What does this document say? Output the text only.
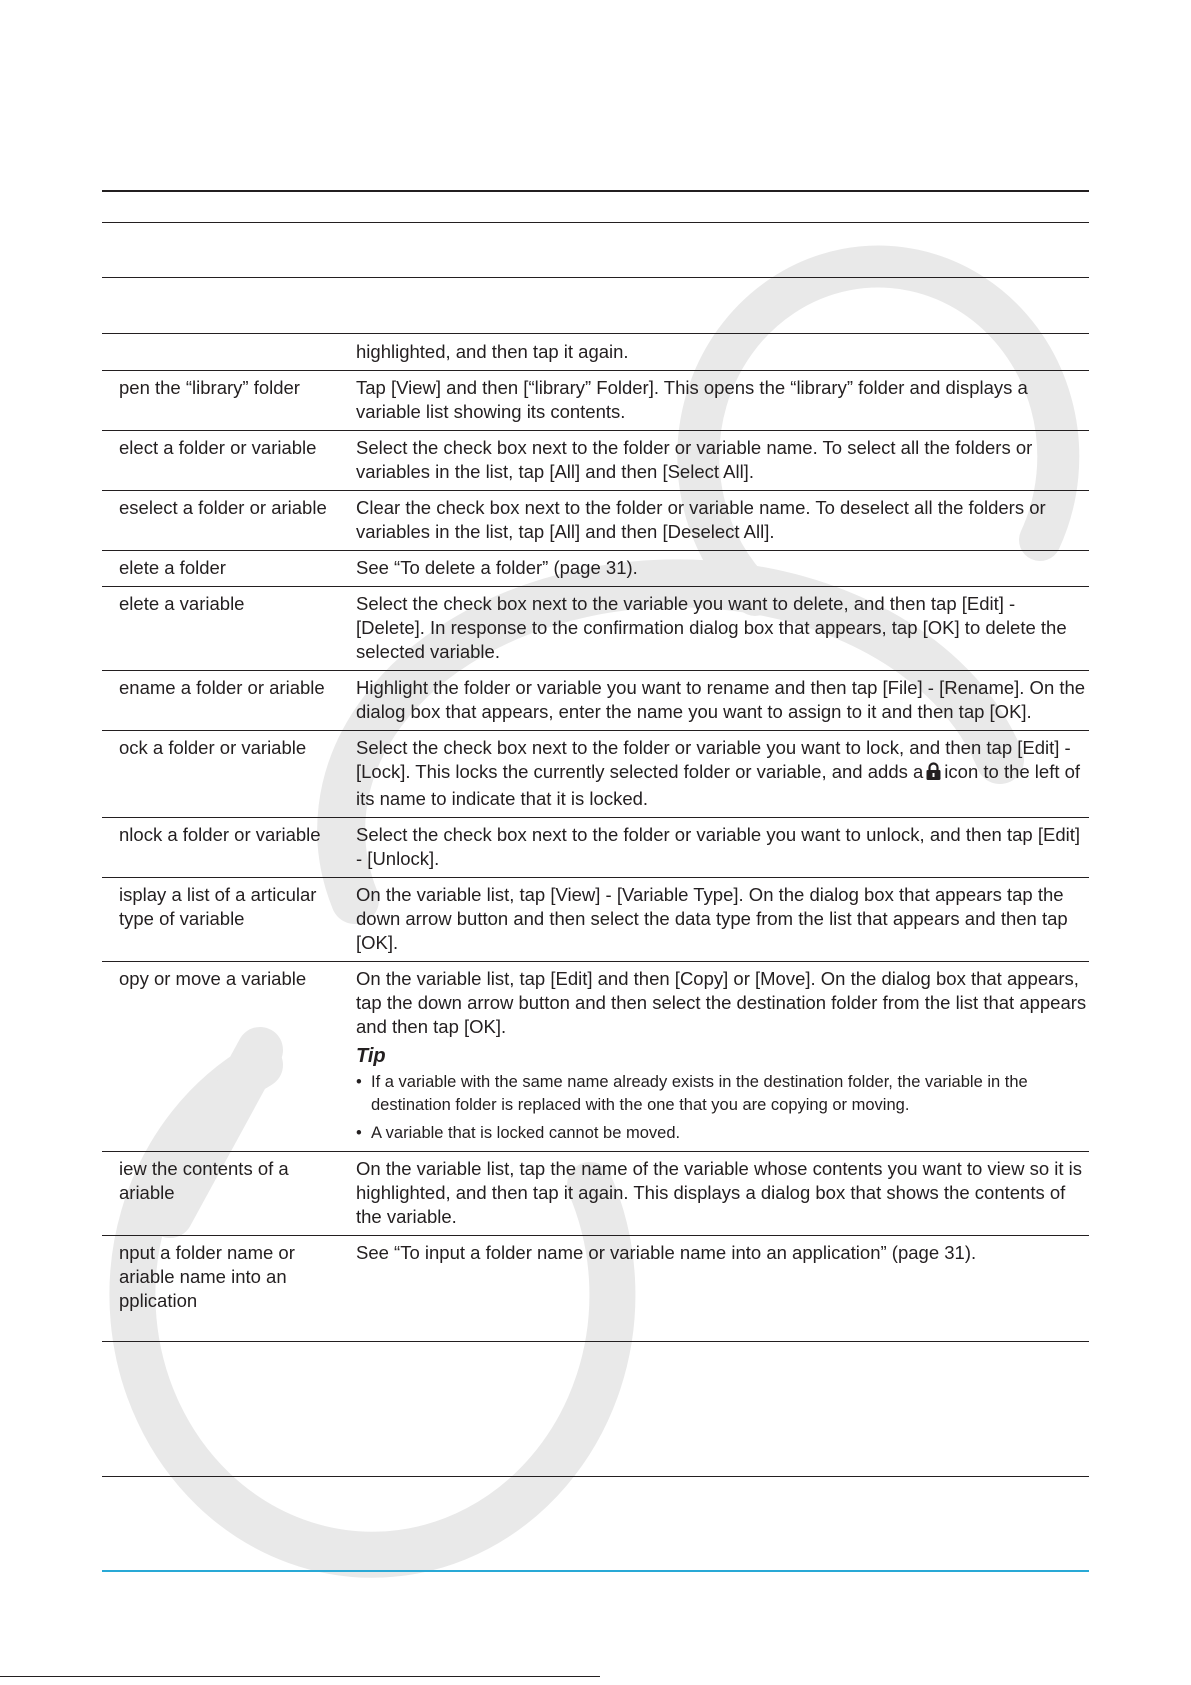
	highlighted, and then tap it again.
pen the “library” folder	Tap [View] and then [“library” Folder]. This opens the “library” folder and displays a variable list showing its contents.
elect a folder or variable	Select the check box next to the folder or variable name. To select all the folders or variables in the list, tap [All] and then [Select All].
eselect a folder or ariable	Clear the check box next to the folder or variable name. To deselect all the folders or variables in the list, tap [All] and then [Deselect All].
elete a folder	See “To delete a folder” (page 31).
elete a variable	Select the check box next to the variable you want to delete, and then tap [Edit] - [Delete]. In response to the confirmation dialog box that appears, tap [OK] to delete the selected variable.
ename a folder or ariable	Highlight the folder or variable you want to rename and then tap [File] - [Rename]. On the dialog box that appears, enter the name you want to assign to it and then tap [OK].
ock a folder or variable	Select the check box next to the folder or variable you want to lock, and then tap [Edit] - [Lock]. This locks the currently selected folder or variable, and adds a icon to the left of its name to indicate that it is locked.
nlock a folder or variable	Select the check box next to the folder or variable you want to unlock, and then tap [Edit] - [Unlock].
isplay a list of a articular type of variable	On the variable list, tap [View] - [Variable Type]. On the dialog box that appears tap the down arrow button and then select the data type from the list that appears and then tap [OK].
opy or move a variable	On the variable list, tap [Edit] and then [Copy] or [Move]. On the dialog box that appears, tap the down arrow button and then select the destination folder from the list that appears and then tap [OK].
Tip
• If a variable with the same name already exists in the destination folder, the variable in the destination folder is replaced with the one that you are copying or moving.
• A variable that is locked cannot be moved.

iew the contents of a ariable	On the variable list, tap the name of the variable whose contents you want to view so it is highlighted, and then tap it again. This displays a dialog box that shows the contents of the variable.
nput a folder name or ariable name into an pplication	See “To input a folder name or variable name into an application” (page 31).
